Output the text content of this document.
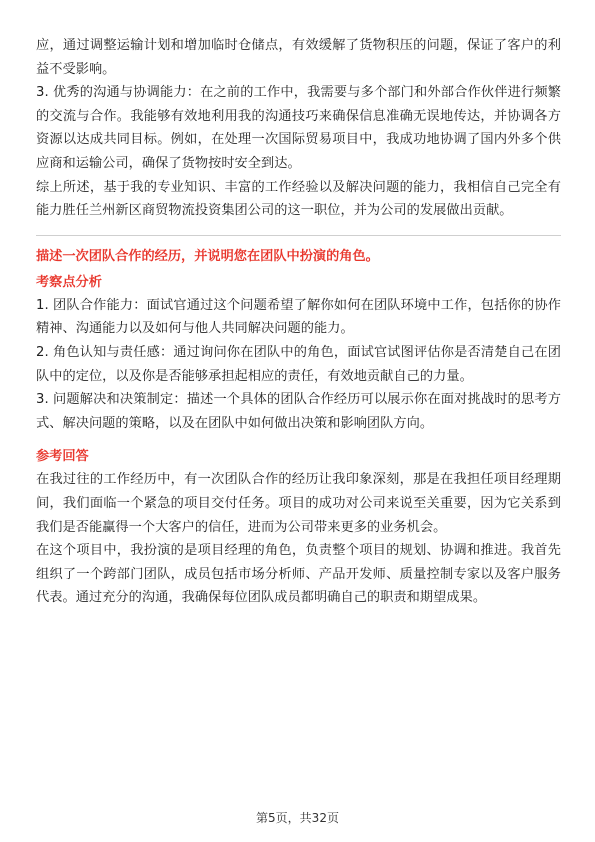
应，通过调整运输计划和增加临时仓储点，有效缓解了货物积压的问题，保证了客户的利益不受影响。

3. 优秀的沟通与协调能力：在之前的工作中，我需要与多个部门和外部合作伙伴进行频繁的交流与合作。我能够有效地利用我的沟通技巧来确保信息准确无误地传达，并协调各方资源以达成共同目标。例如，在处理一次国际贸易项目中，我成功地协调了国内外多个供应商和运输公司，确保了货物按时安全到达。

综上所述，基于我的专业知识、丰富的工作经验以及解决问题的能力，我相信自己完全有能力胜任兰州新区商贸物流投资集团公司的这一职位，并为公司的发展做出贡献。

描述一次团队合作的经历，并说明您在团队中扮演的角色。

考察点分析

1. 团队合作能力：面试官通过这个问题希望了解你如何在团队环境中工作，包括你的协作精神、沟通能力以及如何与他人共同解决问题的能力。

2. 角色认知与责任感：通过询问你在团队中的角色，面试官试图评估你是否清楚自己在团队中的定位，以及你是否能够承担起相应的责任，有效地贡献自己的力量。

3. 问题解决和决策制定：描述一个具体的团队合作经历可以展示你在面对挑战时的思考方式、解决问题的策略，以及在团队中如何做出决策和影响团队方向。

参考回答

在我过往的工作经历中，有一次团队合作的经历让我印象深刻，那是在我担任项目经理期间，我们面临一个紧急的项目交付任务。项目的成功对公司来说至关重要，因为它关系到我们是否能赢得一个大客户的信任，进而为公司带来更多的业务机会。

在这个项目中，我扮演的是项目经理的角色，负责整个项目的规划、协调和推进。我首先组织了一个跨部门团队，成员包括市场分析师、产品开发师、质量控制专家以及客户服务代表。通过充分的沟通，我确保每位团队成员都明确自己的职责和期望成果。

第5页，共32页
